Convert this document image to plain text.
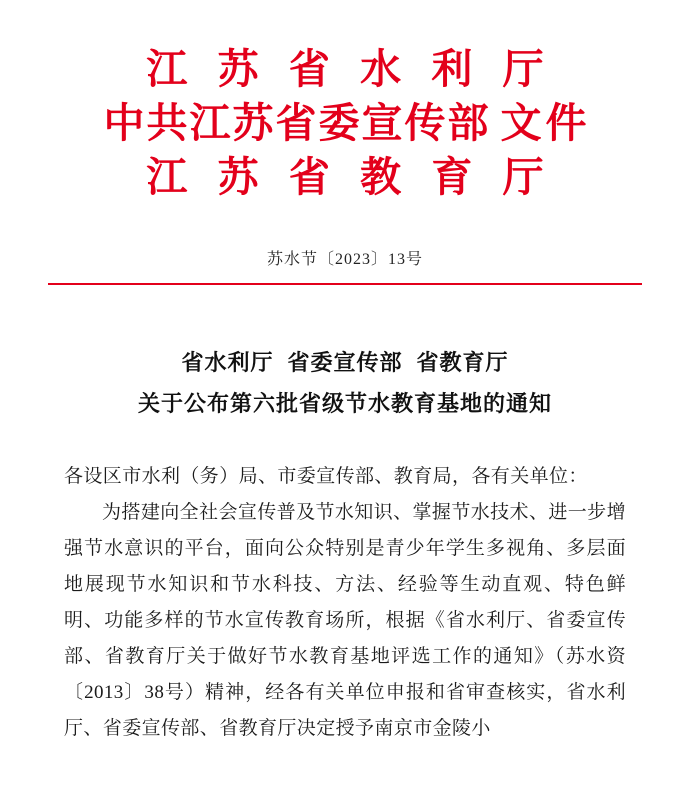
江 苏 省 水 利 厅
中共江苏省委宣传部 文件
江 苏 省 教 育 厅
苏水节〔2023〕13号
省水利厅 省委宣传部 省教育厅
关于公布第六批省级节水教育基地的通知

各设区市水利（务）局、市委宣传部、教育局，各有关单位：

为搭建向全社会宣传普及节水知识、掌握节水技术、进一步增强节水意识的平台，面向公众特别是青少年学生多视角、多层面地展现节水知识和节水科技、方法、经验等生动直观、特色鲜明、功能多样的节水宣传教育场所，根据《省水利厅、省委宣传部、省教育厅关于做好节水教育基地评选工作的通知》（苏水资〔2013〕38号）精神，经各有关单位申报和省审查核实，省水利厅、省委宣传部、省教育厅决定授予南京市金陵小
